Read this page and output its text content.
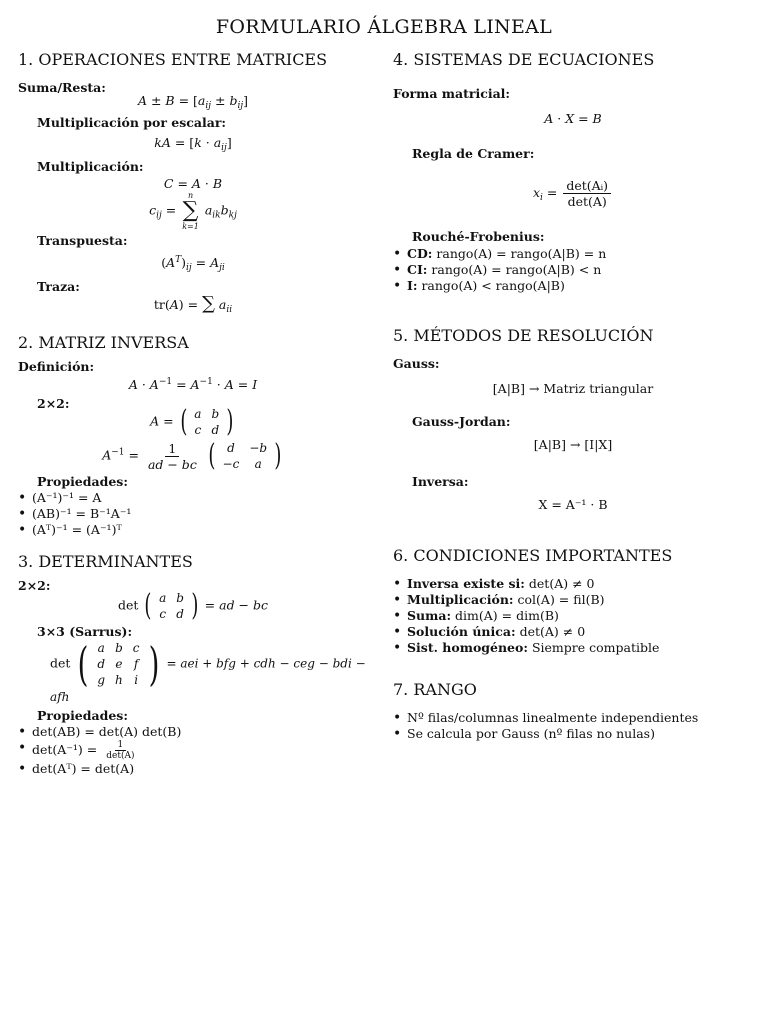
FORMULARIO ÁLGEBRA LINEAL
1. OPERACIONES ENTRE MATRICES
Suma/Resta:
$A \pm B = [a_{ij} \pm b_{ij}]$
Multiplicación por escalar:
kA = $[k \cdot a_{ij}]$
Multiplicación:
C = A · B
$c_{ij}$ =
n
∑
k=1
$a_{ik}b_{kj}$
Transpuesta:
$(A^T)_{ij} = A_{ji}$
Traza:
tr(A) = ∑ $a_{ii}$
2. MATRIZ INVERSA
Definición:
$A \cdot A^{-1} = A^{-1} \cdot A = I$
2×2:
A = ( a	b
c	d )
$A^{-1} = \frac{1}{ad - bc}$
( d	−b
−c	a )
Propiedades:
• (A⁻¹)⁻¹ = A
• (AB)⁻¹ = B⁻¹A⁻¹
• (Aᵀ)⁻¹ = (A⁻¹)ᵀ
3. DETERMINANTES
2×2:
det ( a	b
c	d ) = ad − bc
3×3 (Sarrus):
det ( a	b	c
d	e	f
g	h	i ) = aei + bfg + cdh − ceg − bdi − afh
Propiedades:
• det(AB) = det(A) det(B)
• $\det(A^{-1}) = \frac{1}{\det(A)}$
• det(Aᵀ) = det(A)
4. SISTEMAS DE ECUACIONES
Forma matricial:
A · X = B
Regla de Cramer:
$x_i = \frac{\text{det(Aᵢ)}}{\det(A)}$
Rouché-Frobenius:
• CD: rango(A) = rango(A|B) = n
• CI: rango(A) = rango(A|B) < n
• I: rango(A) < rango(A|B)
5. MÉTODOS DE RESOLUCIÓN
Gauss:
[A|B] → Matriz triangular
Gauss-Jordan:
[A|B] → [I|X]
Inversa:
X = A⁻¹ · B
6. CONDICIONES IMPORTANTES
• Inversa existe si: det(A) ≠ 0
• Multiplicación: col(A) = fil(B)
• Suma: dim(A) = dim(B)
• Solución única: det(A) ≠ 0
• Sist. homogéneo: Siempre compatible
7. RANGO
• Nº filas/columnas linealmente independientes
• Se calcula por Gauss (nº filas no nulas)
